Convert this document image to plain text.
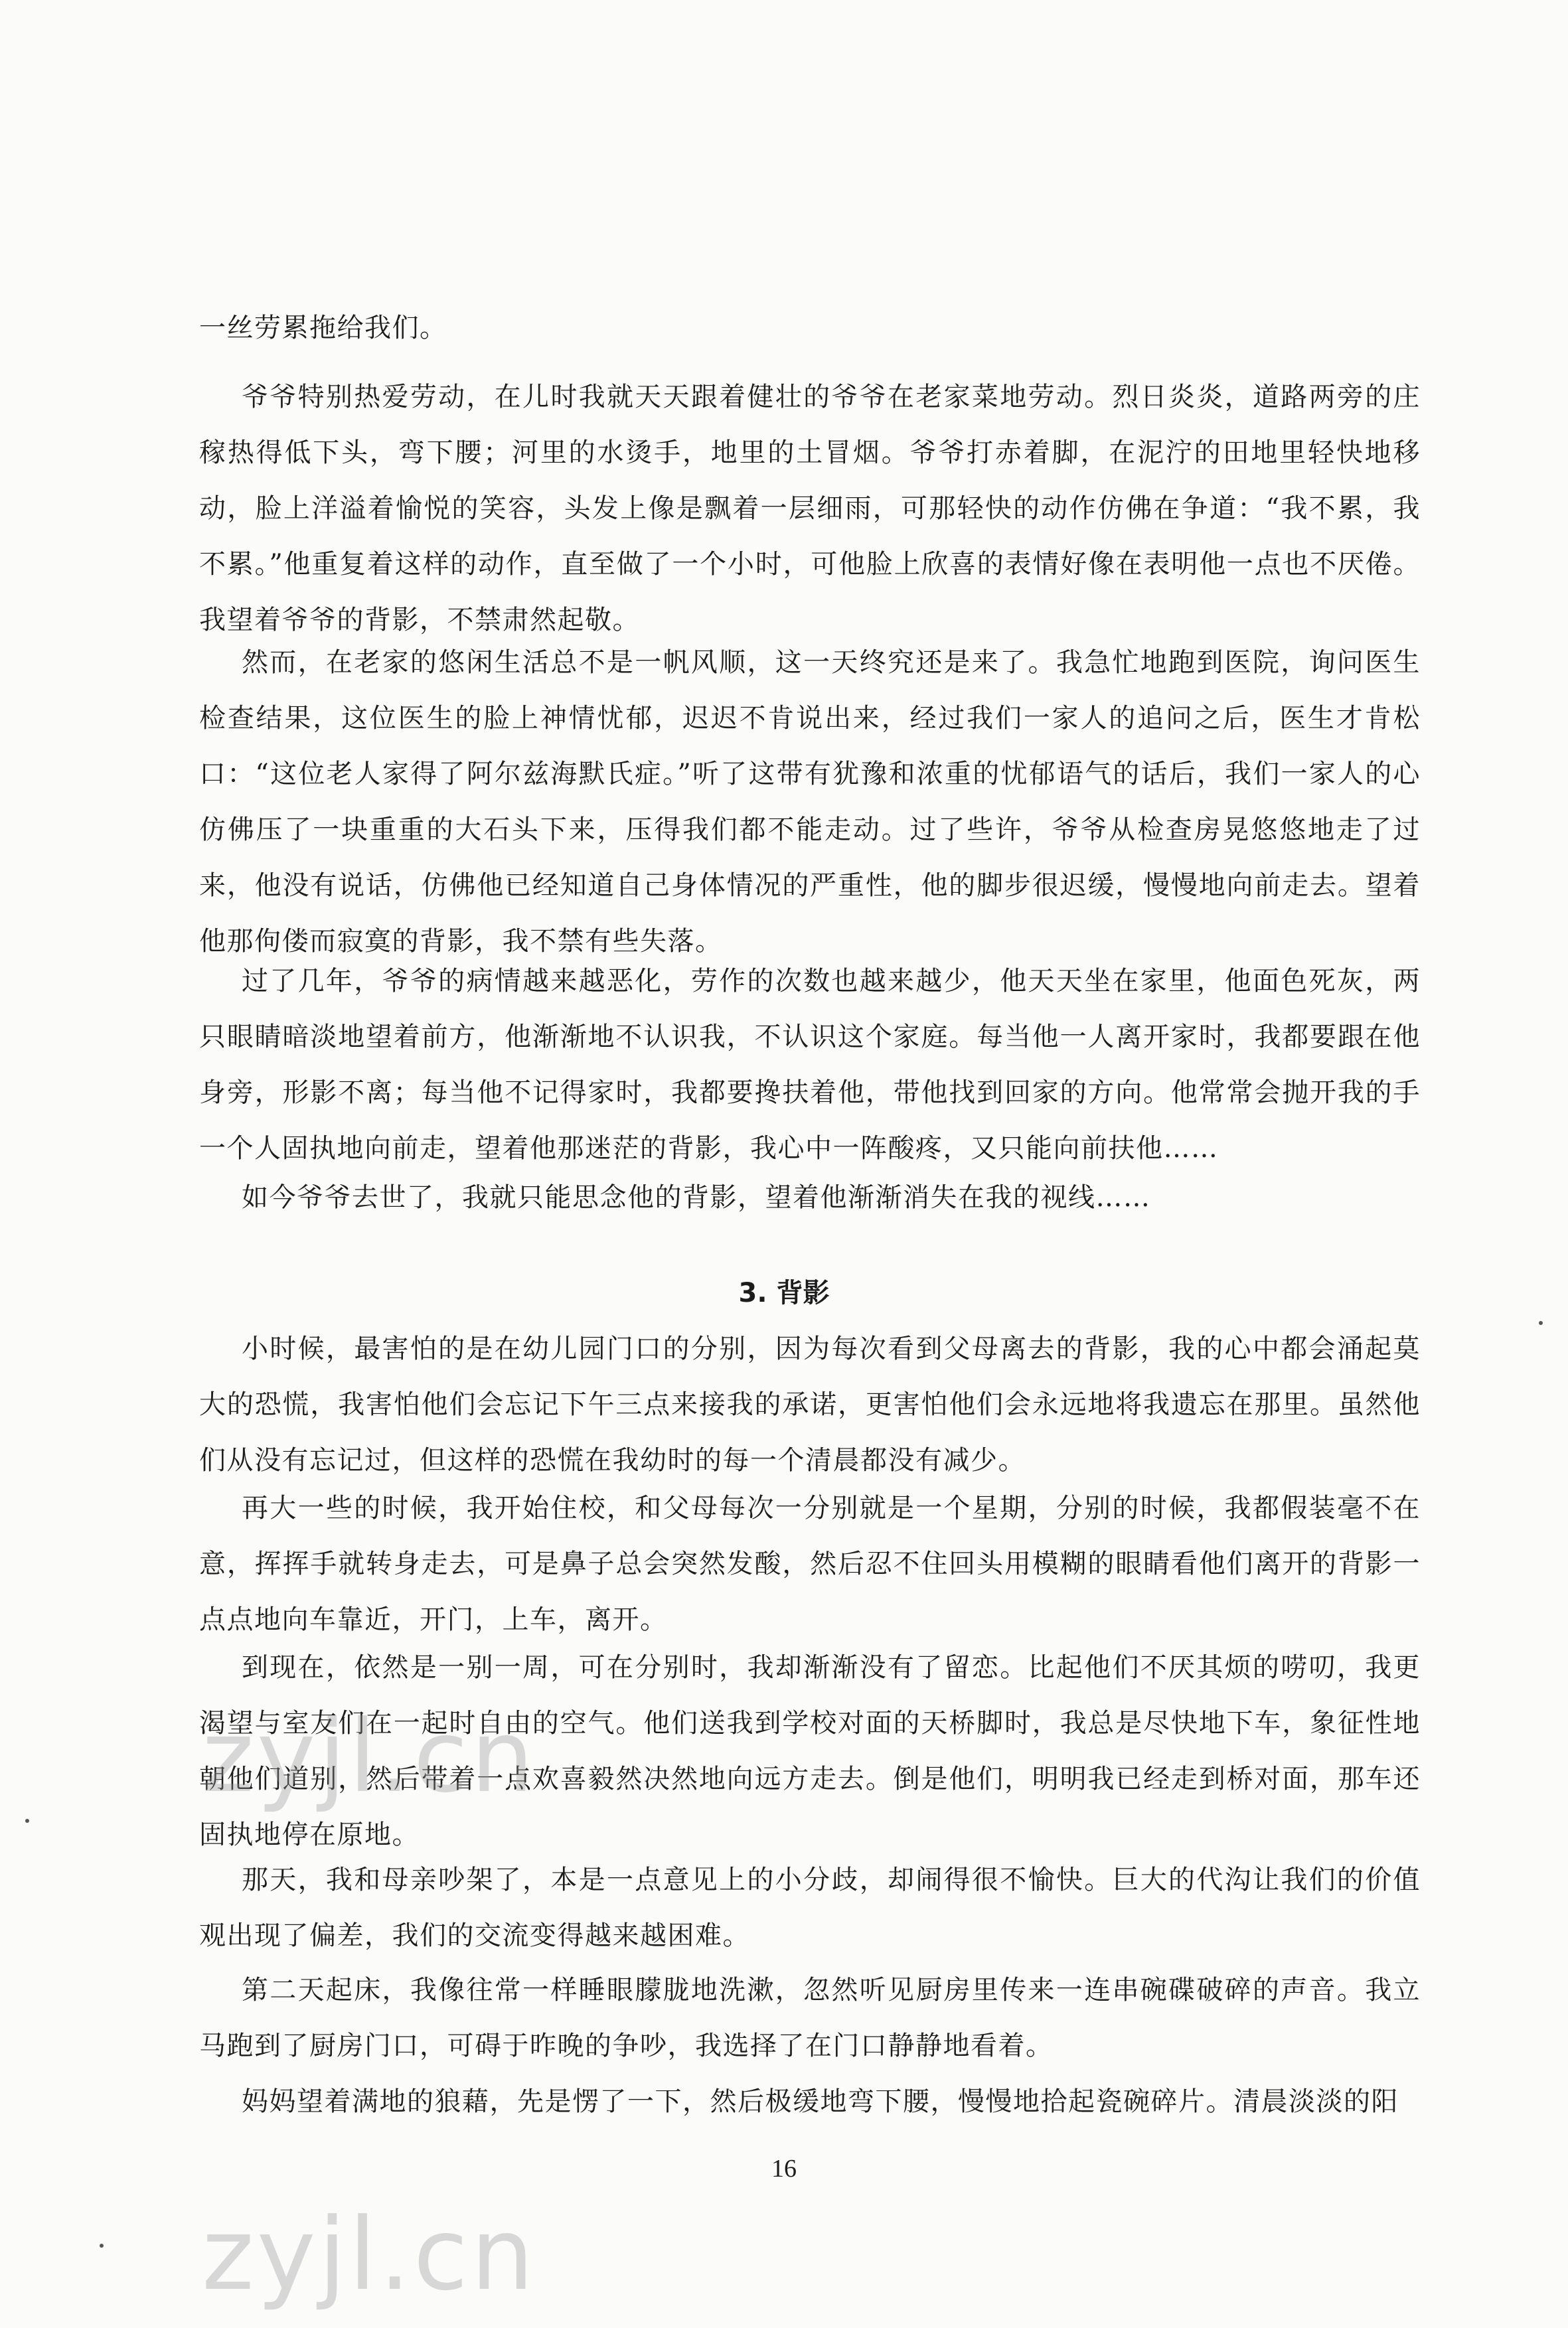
一丝劳累拖给我们。

爷爷特别热爱劳动，在儿时我就天天跟着健壮的爷爷在老家菜地劳动。烈日炎炎，道路两旁的庄稼热得低下头，弯下腰；河里的水烫手，地里的土冒烟。爷爷打赤着脚，在泥泞的田地里轻快地移动，脸上洋溢着愉悦的笑容，头发上像是飘着一层细雨，可那轻快的动作仿佛在争道：“我不累，我不累。”他重复着这样的动作，直至做了一个小时，可他脸上欣喜的表情好像在表明他一点也不厌倦。我望着爷爷的背影，不禁肃然起敬。

然而，在老家的悠闲生活总不是一帆风顺，这一天终究还是来了。我急忙地跑到医院，询问医生检查结果，这位医生的脸上神情忧郁，迟迟不肯说出来，经过我们一家人的追问之后，医生才肯松口：“这位老人家得了阿尔兹海默氏症。”听了这带有犹豫和浓重的忧郁语气的话后，我们一家人的心仿佛压了一块重重的大石头下来，压得我们都不能走动。过了些许，爷爷从检查房晃悠悠地走了过来，他没有说话，仿佛他已经知道自己身体情况的严重性，他的脚步很迟缓，慢慢地向前走去。望着他那佝偻而寂寞的背影，我不禁有些失落。

过了几年，爷爷的病情越来越恶化，劳作的次数也越来越少，他天天坐在家里，他面色死灰，两只眼睛暗淡地望着前方，他渐渐地不认识我，不认识这个家庭。每当他一人离开家时，我都要跟在他身旁，形影不离；每当他不记得家时，我都要搀扶着他，带他找到回家的方向。他常常会抛开我的手一个人固执地向前走，望着他那迷茫的背影，我心中一阵酸疼，又只能向前扶他……

如今爷爷去世了，我就只能思念他的背影，望着他渐渐消失在我的视线……

3. 背影

小时候，最害怕的是在幼儿园门口的分别，因为每次看到父母离去的背影，我的心中都会涌起莫大的恐慌，我害怕他们会忘记下午三点来接我的承诺，更害怕他们会永远地将我遗忘在那里。虽然他们从没有忘记过，但这样的恐慌在我幼时的每一个清晨都没有减少。

再大一些的时候，我开始住校，和父母每次一分别就是一个星期，分别的时候，我都假装毫不在意，挥挥手就转身走去，可是鼻子总会突然发酸，然后忍不住回头用模糊的眼睛看他们离开的背影一点点地向车靠近，开门，上车，离开。

到现在，依然是一别一周，可在分别时，我却渐渐没有了留恋。比起他们不厌其烦的唠叨，我更渴望与室友们在一起时自由的空气。他们送我到学校对面的天桥脚时，我总是尽快地下车，象征性地朝他们道别，然后带着一点欢喜毅然决然地向远方走去。倒是他们，明明我已经走到桥对面，那车还固执地停在原地。

那天，我和母亲吵架了，本是一点意见上的小分歧，却闹得很不愉快。巨大的代沟让我们的价值观出现了偏差，我们的交流变得越来越困难。

第二天起床，我像往常一样睡眼朦胧地洗漱，忽然听见厨房里传来一连串碗碟破碎的声音。我立马跑到了厨房门口，可碍于昨晚的争吵，我选择了在门口静静地看着。

妈妈望着满地的狼藉，先是愣了一下，然后极缓地弯下腰，慢慢地拾起瓷碗碎片。清晨淡淡的阳

16
zyjl.cn
zyjl.cn
